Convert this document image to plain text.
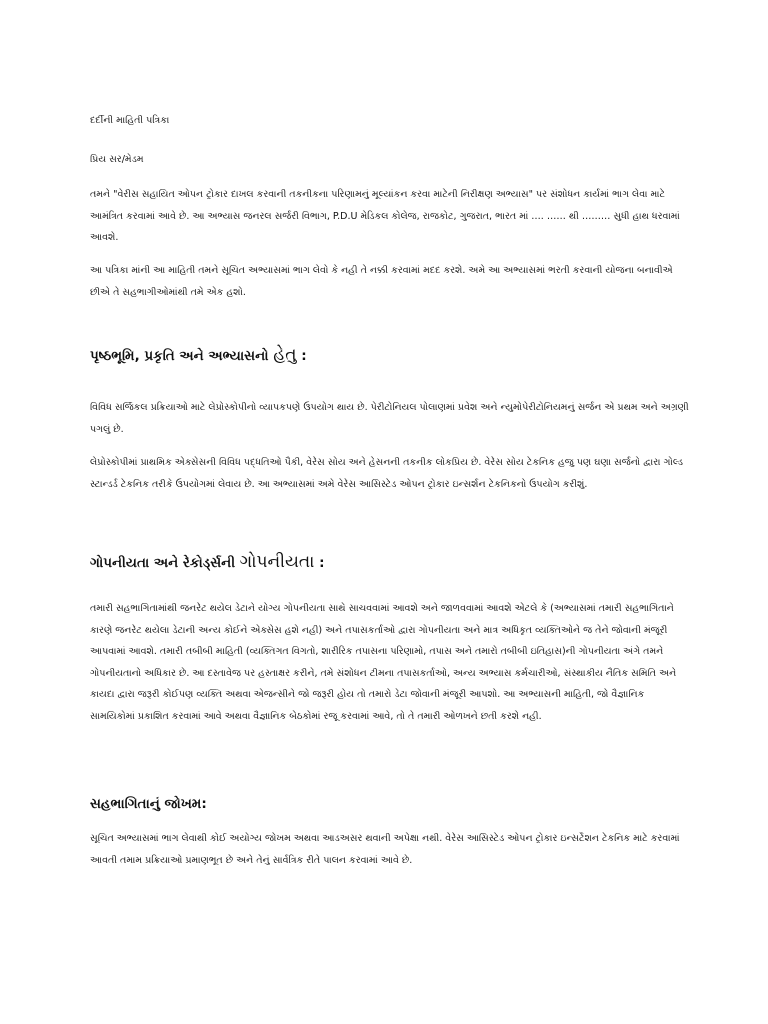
દર્દીની માહિતી પત્રિકા

પ્રિય સર/મેડમ

તમને "વેરીસ સહાયિત ઓપન ટ્રોકાર દાખલ કરવાની તકનીકના પરિણામનું મૂલ્યાંકન કરવા માટેની નિરીક્ષણ અભ્યાસ" પર સંશોધન કાર્યમાં ભાગ લેવા માટે આમંત્રિત કરવામાં આવે છે. આ અભ્યાસ જનરલ સર્જરી વિભાગ, P.D.U મેડિકલ કોલેજ, રાજકોટ, ગુજરાત, ભારત માં …. …… થી ……… સુધી હાથ ધરવામાં આવશે.

આ પત્રિકા માંની આ માહિતી તમને સૂચિત અભ્યાસમાં ભાગ લેવો કે નહી તે નક્કી કરવામાં મદદ કરશે. અમે આ અભ્યાસમાં ભરતી કરવાની યોજના બનાવીએ છીએ તે સહભાગીઓમાંથી તમે એક હશો.

પૃષ્ઠભૂમિ, પ્રકૃતિ અને અભ્યાસનો હેતુ :

વિવિધ સર્જિકલ પ્રક્રિયાઓ માટે લેપ્રોસ્કોપીનો વ્યાપકપણે ઉપયોગ થાય છે. પેરીટોનિયલ પોલાણમાં પ્રવેશ અને ન્યુમોપેરીટોનિયમનું સર્જન એ પ્રથમ અને અગ્રણી પગલું છે.

લેપ્રોસ્કોપીમાં પ્રાથમિક એક્સેસની વિવિધ પદ્ધતિઓ પૈકી, વેરેસ સોય અને હેસનની તકનીક લોકપ્રિય છે. વેરેસ સોય ટેકનિક હજુ પણ ઘણા સર્જનો દ્વારા ગોલ્ડ સ્ટાન્ડર્ડ ટેકનિક તરીકે ઉપયોગમાં લેવાય છે. આ અભ્યાસમાં અમે વેરેસ આસિસ્ટેડ ઓપન ટ્રોકાર ઇન્સર્શન ટેકનિકનો ઉપયોગ કરીશું.

ગોપનીયતા અને રેકોર્ડ્સની ગોપનીયતા :

તમારી સહભાગિતામાંથી જનરેટ થયેલ ડેટાને યોગ્ય ગોપનીયતા સાથે સાચવવામાં આવશે અને જાળવવામાં આવશે એટલે કે (અભ્યાસમાં તમારી સહભાગિતાને કારણે જનરેટ થયેલા ડેટાની અન્ય કોઈને એક્સેસ હશે નહી) અને તપાસકર્તાઓ દ્વારા ગોપનીયતા અને માત્ર અધિકૃત વ્યક્તિઓને જ તેને જોવાની મંજૂરી આપવામાં આવશે. તમારી તબીબી માહિતી (વ્યક્તિગત વિગતો, શારીરિક તપાસના પરિણામો, તપાસ અને તમારો તબીબી ઇતિહાસ)ની ગોપનીયતા અંગે તમને ગોપનીયતાનો અધિકાર છે. આ દસ્તાવેજ પર હસ્તાક્ષર કરીને, તમે સંશોધન ટીમના તપાસકર્તાઓ, અન્ય અભ્યાસ કર્મચારીઓ, સંસ્થાકીય નૈતિક સમિતિ અને કાયદા દ્વારા જરૂરી કોઈપણ વ્યક્તિ અથવા એજન્સીને જો જરૂરી હોય તો તમારો ડેટા જોવાની મંજૂરી આપશો. આ અભ્યાસની માહિતી, જો વૈજ્ઞાનિક સામયિકોમાં પ્રકાશિત કરવામાં આવે અથવા વૈજ્ઞાનિક બેઠકોમાં રજૂ કરવામાં આવે, તો તે તમારી ઓળખને છતી કરશે નહી.

સહભાગિતાનું જોખમ:

સૂચિત અભ્યાસમાં ભાગ લેવાથી કોઈ અયોગ્ય જોખમ અથવા આડઅસર થવાની અપેક્ષા નથી. વેરેસ આસિસ્ટેડ ઓપન ટ્રોકાર ઇન્સર્ટેશન ટેકનિક માટે કરવામાં આવતી તમામ પ્રક્રિયાઓ પ્રમાણભૂત છે અને તેનું સાર્વત્રિક રીતે પાલન કરવામાં આવે છે.
